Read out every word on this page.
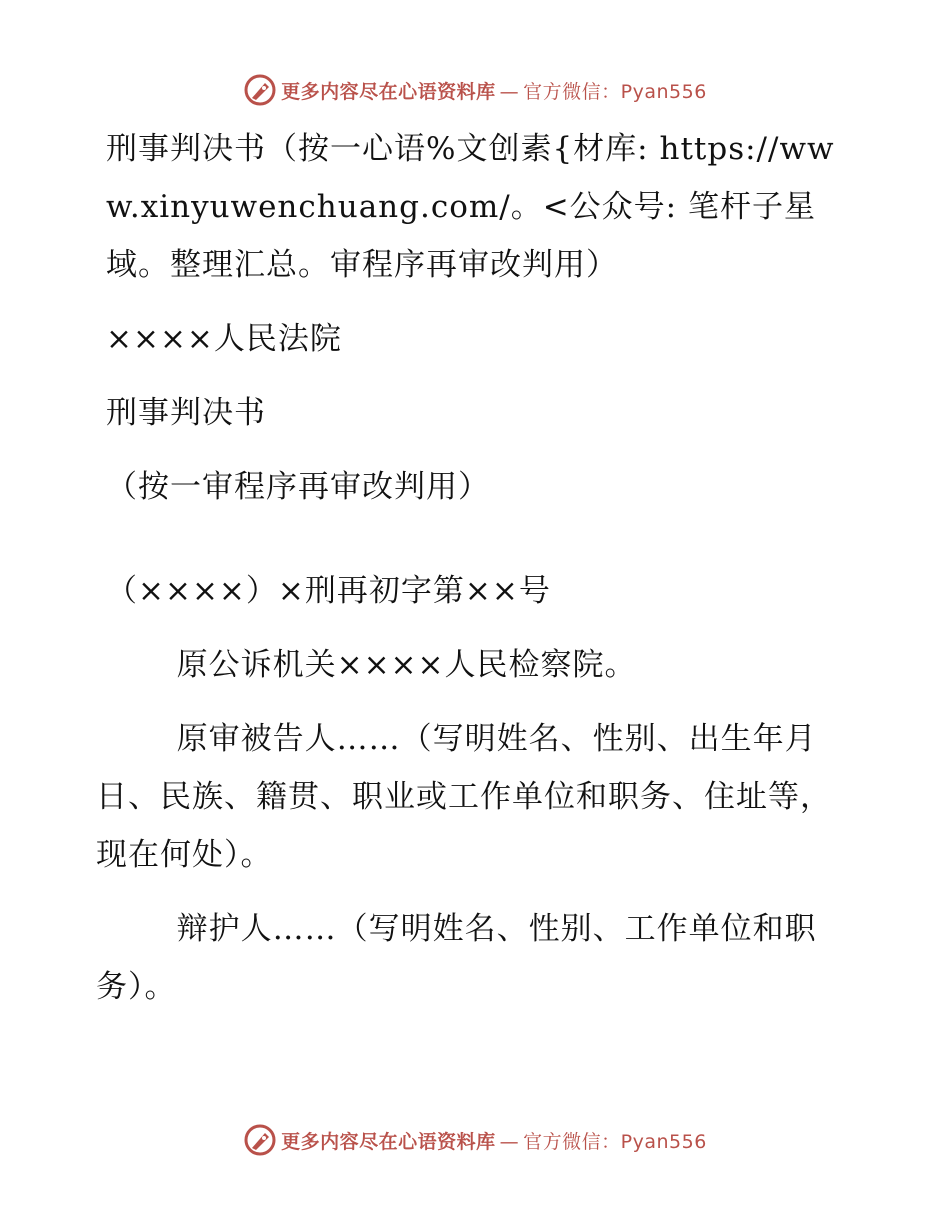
更多内容尽在心语资料库 — 官方微信：Pyan556

刑事判决书（按一心语%文创素{材库: https://www.xinyuwenchuang.com/。<公众号: 笔杆子星域。整理汇总。审程序再审改判用）

××××人民法院

刑事判决书

（按一审程序再审改判用）

（××××）×刑再初字第××号

原公诉机关××××人民检察院。

原审被告人……（写明姓名、性别、出生年月日、民族、籍贯、职业或工作单位和职务、住址等，现在何处）。

辩护人……（写明姓名、性别、工作单位和职务）。

更多内容尽在心语资料库 — 官方微信：Pyan556
